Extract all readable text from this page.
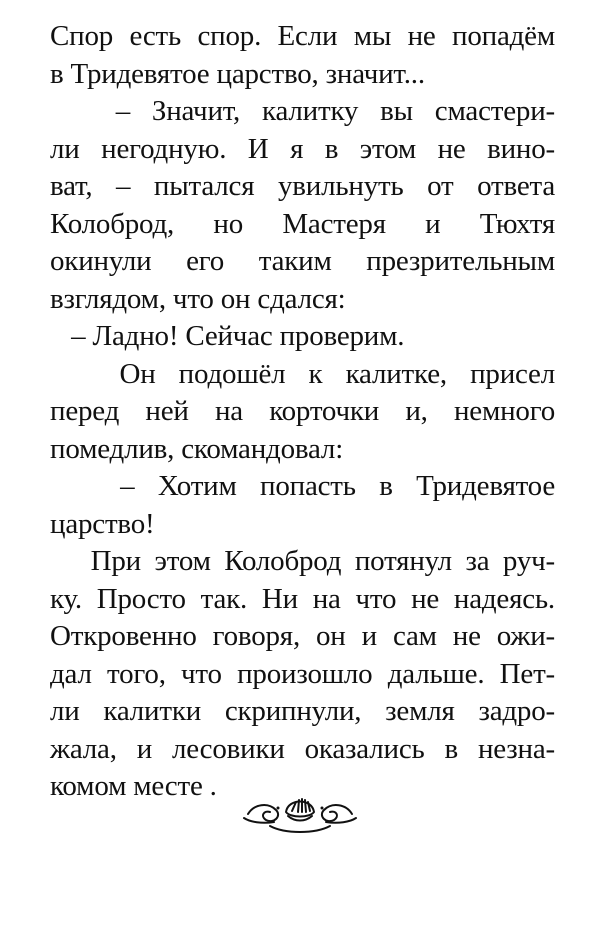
Спор есть спор. Если мы не попадём
в Тридевятое царство, значит...
– Значит, калитку вы смастери-
ли негодную. И я в этом не вино-
ват, – пытался увильнуть от ответа
Колоброд, но Мастеря и Тюхтя
окинули его таким презрительным
взглядом, что он сдался:
– Ладно! Сейчас проверим.
Он подошёл к калитке, присел
перед ней на корточки и, немного
помедлив, скомандовал:
– Хотим попасть в Тридевятое
царство!
При этом Колоброд потянул за руч-
ку. Просто так. Ни на что не надеясь.
Откровенно говоря, он и сам не ожи-
дал того, что произошло дальше. Пет-
ли калитки скрипнули, земля задро-
жала, и лесовики оказались в незна-
комом месте .
